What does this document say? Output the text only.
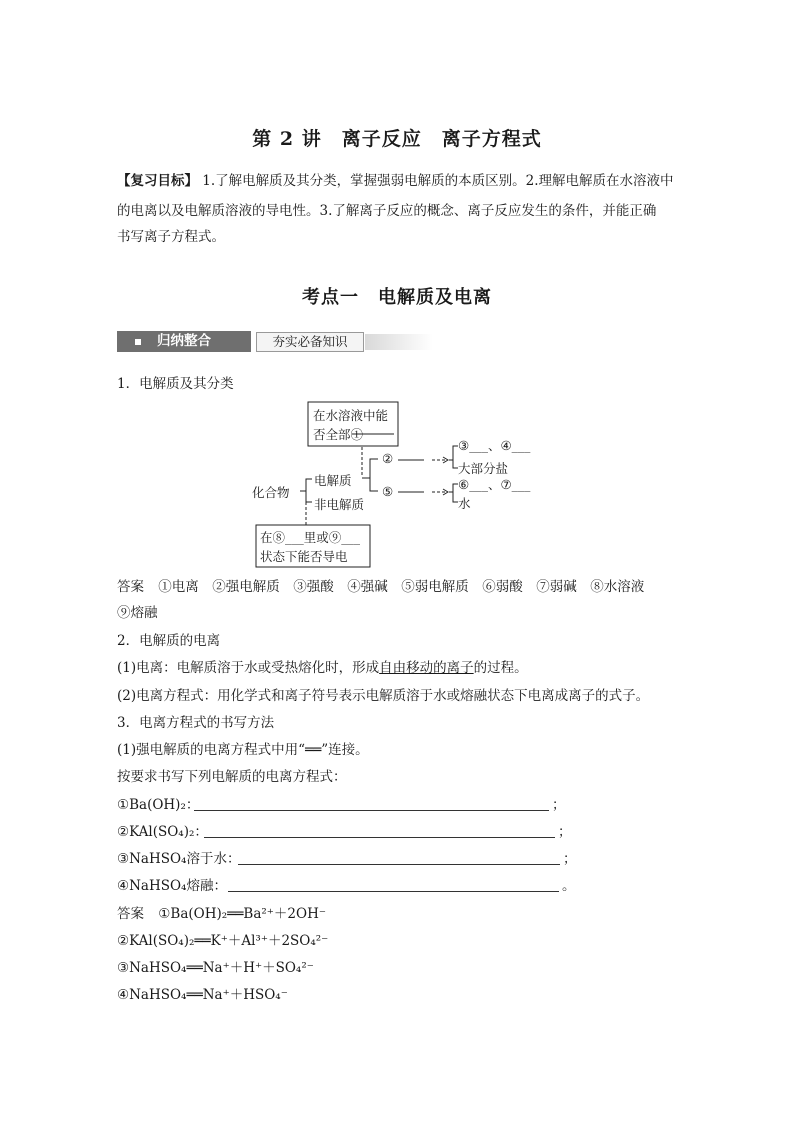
第 2 讲　离子反应　离子方程式
【复习目标】 1.了解电解质及其分类，掌握强弱电解质的本质区别。2.理解电解质在水溶液中
的电离以及电解质溶液的导电性。3.了解离子反应的概念、离子反应发生的条件，并能正确
书写离子方程式。
考点一　电解质及电离
归纳整合	夯实必备知识
1．电解质及其分类
在水溶液中能
否全部①
化合物
电解质
非电解质
②
⑤
③___、④___
大部分盐
⑥___、⑦___
水
在⑧___里或⑨___
状态下能否导电
答案 ①电离　②强电解质　③强酸　④强碱　⑤弱电解质　⑥弱酸　⑦弱碱　⑧水溶液
⑨熔融
2．电解质的电离
(1)电离：电解质溶于水或受热熔化时，形成自由移动的离子的过程。
(2)电离方程式：用化学式和离子符号表示电解质溶于水或熔融状态下电离成离子的式子。
3．电离方程式的书写方法
(1)强电解质的电离方程式中用“══”连接。
按要求书写下列电解质的电离方程式：
①Ba(OH)₂：	；
②KAl(SO₄)₂：	；
③NaHSO₄溶于水：	；
④NaHSO₄熔融：	。
答案 ①Ba(OH)₂══Ba²⁺＋2OH⁻
②KAl(SO₄)₂══K⁺＋Al³⁺＋2SO₄²⁻
③NaHSO₄══Na⁺＋H⁺＋SO₄²⁻
④NaHSO₄══Na⁺＋HSO₄⁻
